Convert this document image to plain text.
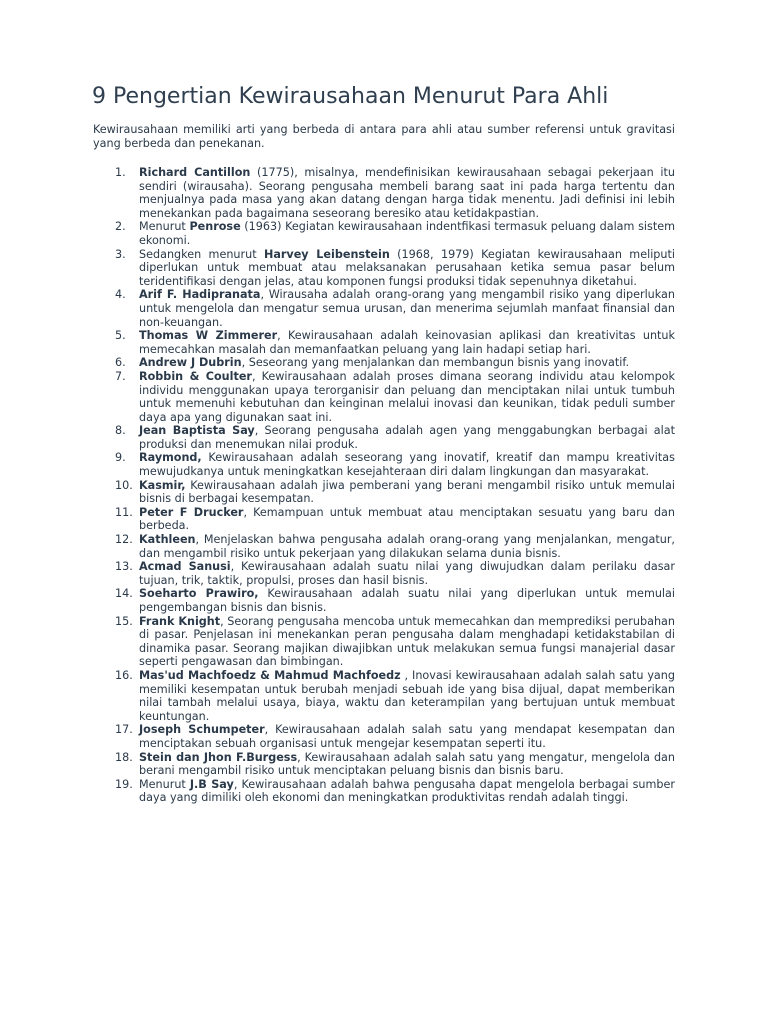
9 Pengertian Kewirausahaan Menurut Para Ahli

Kewirausahaan memiliki arti yang berbeda di antara para ahli atau sumber referensi untuk gravitasi yang berbeda dan penekanan.

1. Richard Cantillon (1775), misalnya, mendefinisikan kewirausahaan sebagai pekerjaan itu sendiri (wirausaha). Seorang pengusaha membeli barang saat ini pada harga tertentu dan menjualnya pada masa yang akan datang dengan harga tidak menentu. Jadi definisi ini lebih menekankan pada bagaimana seseorang beresiko atau ketidakpastian.
2. Menurut Penrose (1963) Kegiatan kewirausahaan indentfikasi termasuk peluang dalam sistem ekonomi.
3. Sedangken menurut Harvey Leibenstein (1968, 1979) Kegiatan kewirausahaan meliputi diperlukan untuk membuat atau melaksanakan perusahaan ketika semua pasar belum teridentifikasi dengan jelas, atau komponen fungsi produksi tidak sepenuhnya diketahui.
4. Arif F. Hadipranata, Wirausaha adalah orang-orang yang mengambil risiko yang diperlukan untuk mengelola dan mengatur semua urusan, dan menerima sejumlah manfaat finansial dan non-keuangan.
5. Thomas W Zimmerer, Kewirausahaan adalah keinovasian aplikasi dan kreativitas untuk memecahkan masalah dan memanfaatkan peluang yang lain hadapi setiap hari.
6. Andrew J Dubrin, Seseorang yang menjalankan dan membangun bisnis yang inovatif.
7. Robbin & Coulter, Kewirausahaan adalah proses dimana seorang individu atau kelompok individu menggunakan upaya terorganisir dan peluang dan menciptakan nilai untuk tumbuh untuk memenuhi kebutuhan dan keinginan melalui inovasi dan keunikan, tidak peduli sumber daya apa yang digunakan saat ini.
8. Jean Baptista Say, Seorang pengusaha adalah agen yang menggabungkan berbagai alat produksi dan menemukan nilai produk.
9. Raymond, Kewirausahaan adalah seseorang yang inovatif, kreatif dan mampu kreativitas mewujudkanya untuk meningkatkan kesejahteraan diri dalam lingkungan dan masyarakat.
10. Kasmir, Kewirausahaan adalah jiwa pemberani yang berani mengambil risiko untuk memulai bisnis di berbagai kesempatan.
11. Peter F Drucker, Kemampuan untuk membuat atau menciptakan sesuatu yang baru dan berbeda.
12. Kathleen, Menjelaskan bahwa pengusaha adalah orang-orang yang menjalankan, mengatur, dan mengambil risiko untuk pekerjaan yang dilakukan selama dunia bisnis.
13. Acmad Sanusi, Kewirausahaan adalah suatu nilai yang diwujudkan dalam perilaku dasar tujuan, trik, taktik, propulsi, proses dan hasil bisnis.
14. Soeharto Prawiro, Kewirausahaan adalah suatu nilai yang diperlukan untuk memulai pengembangan bisnis dan bisnis.
15. Frank Knight, Seorang pengusaha mencoba untuk memecahkan dan memprediksi perubahan di pasar. Penjelasan ini menekankan peran pengusaha dalam menghadapi ketidakstabilan di dinamika pasar. Seorang majikan diwajibkan untuk melakukan semua fungsi manajerial dasar seperti pengawasan dan bimbingan.
16. Mas'ud Machfoedz & Mahmud Machfoedz , Inovasi kewirausahaan adalah salah satu yang memiliki kesempatan untuk berubah menjadi sebuah ide yang bisa dijual, dapat memberikan nilai tambah melalui usaya, biaya, waktu dan keterampilan yang bertujuan untuk membuat keuntungan.
17. Joseph Schumpeter, Kewirausahaan adalah salah satu yang mendapat kesempatan dan menciptakan sebuah organisasi untuk mengejar kesempatan seperti itu.
18. Stein dan Jhon F.Burgess, Kewirausahaan adalah salah satu yang mengatur, mengelola dan berani mengambil risiko untuk menciptakan peluang bisnis dan bisnis baru.
19. Menurut J.B Say, Kewirausahaan adalah bahwa pengusaha dapat mengelola berbagai sumber daya yang dimiliki oleh ekonomi dan meningkatkan produktivitas rendah adalah tinggi.
